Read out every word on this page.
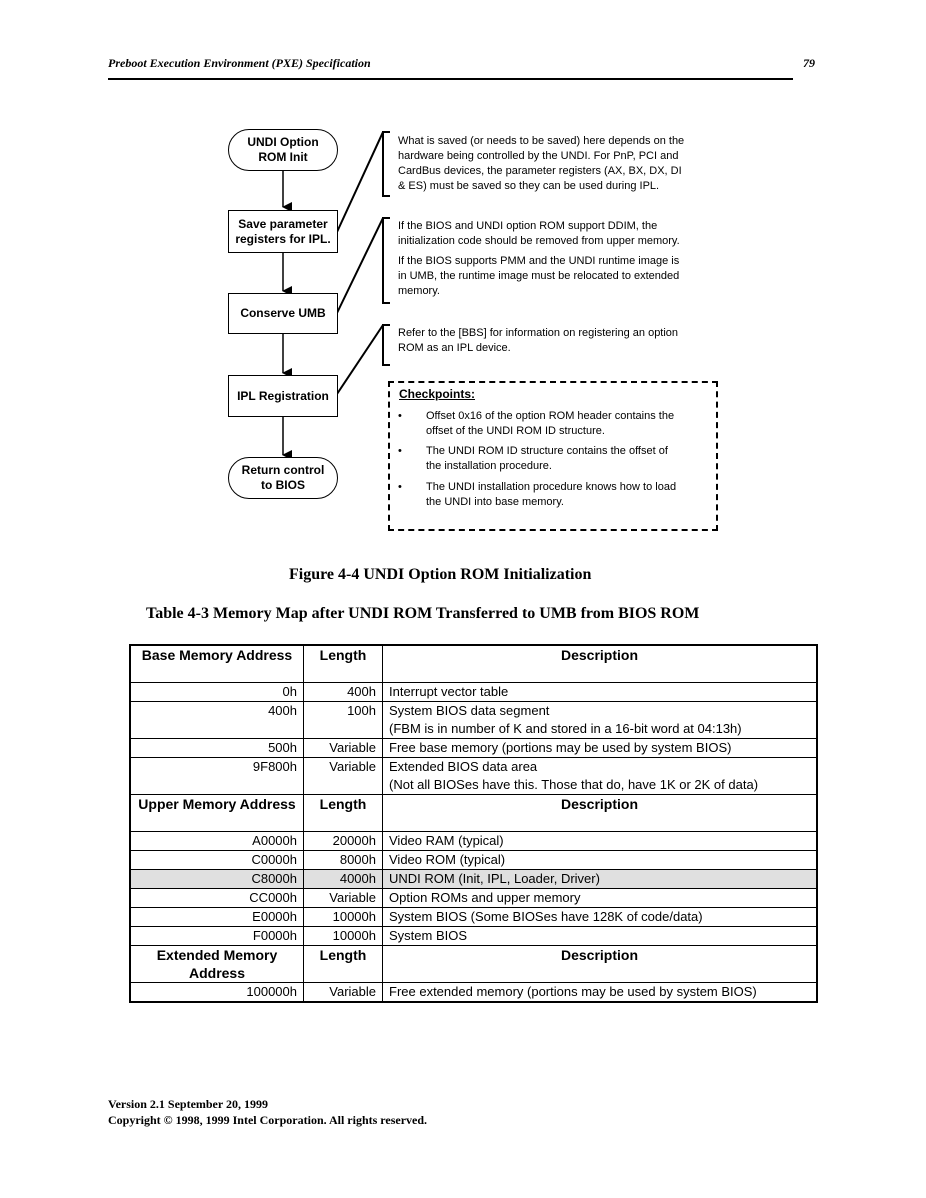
Preboot Execution Environment (PXE) Specification	79
UNDI Option
ROM Init
Save parameter
registers for IPL.
Conserve UMB
IPL Registration
Return control
to BIOS
What is saved (or needs to be saved) here depends on the
hardware being controlled by the UNDI. For PnP, PCI and
CardBus devices, the parameter registers (AX, BX, DX, DI
& ES) must be saved so they can be used during IPL.
If the BIOS and UNDI option ROM support DDIM, the
initialization code should be removed from upper memory.
If the BIOS supports PMM and the UNDI runtime image is
in UMB, the runtime image must be relocated to extended
memory.
Refer to the [BBS] for information on registering an option
ROM as an IPL device.
Checkpoints:
•	Offset 0x16 of the option ROM header contains the
offset of the UNDI ROM ID structure.
•	The UNDI ROM ID structure contains the offset of
the installation procedure.
•	The UNDI installation procedure knows how to load
the UNDI into base memory.
Figure 4-4 UNDI Option ROM Initialization
Table 4-3 Memory Map after UNDI ROM Transferred to UMB from BIOS ROM
Base Memory Address	Length	Description
0h	400h	Interrupt vector table
400h	100h	System BIOS data segment
(FBM is in number of K and stored in a 16-bit word at 04:13h)

500h	Variable	Free base memory (portions may be used by system BIOS)
9F800h	Variable	Extended BIOS data area
(Not all BIOSes have this. Those that do, have 1K or 2K of data)

Upper Memory Address	Length	Description
A0000h	20000h	Video RAM (typical)
C0000h	8000h	Video ROM (typical)
C8000h	4000h	UNDI ROM (Init, IPL, Loader, Driver)
CC000h	Variable	Option ROMs and upper memory
E0000h	10000h	System BIOS (Some BIOSes have 128K of code/data)
F0000h	10000h	System BIOS
Extended Memory Address	Length	Description
100000h	Variable	Free extended memory (portions may be used by system BIOS)
Version 2.1 September 20, 1999
Copyright © 1998, 1999 Intel Corporation. All rights reserved.
